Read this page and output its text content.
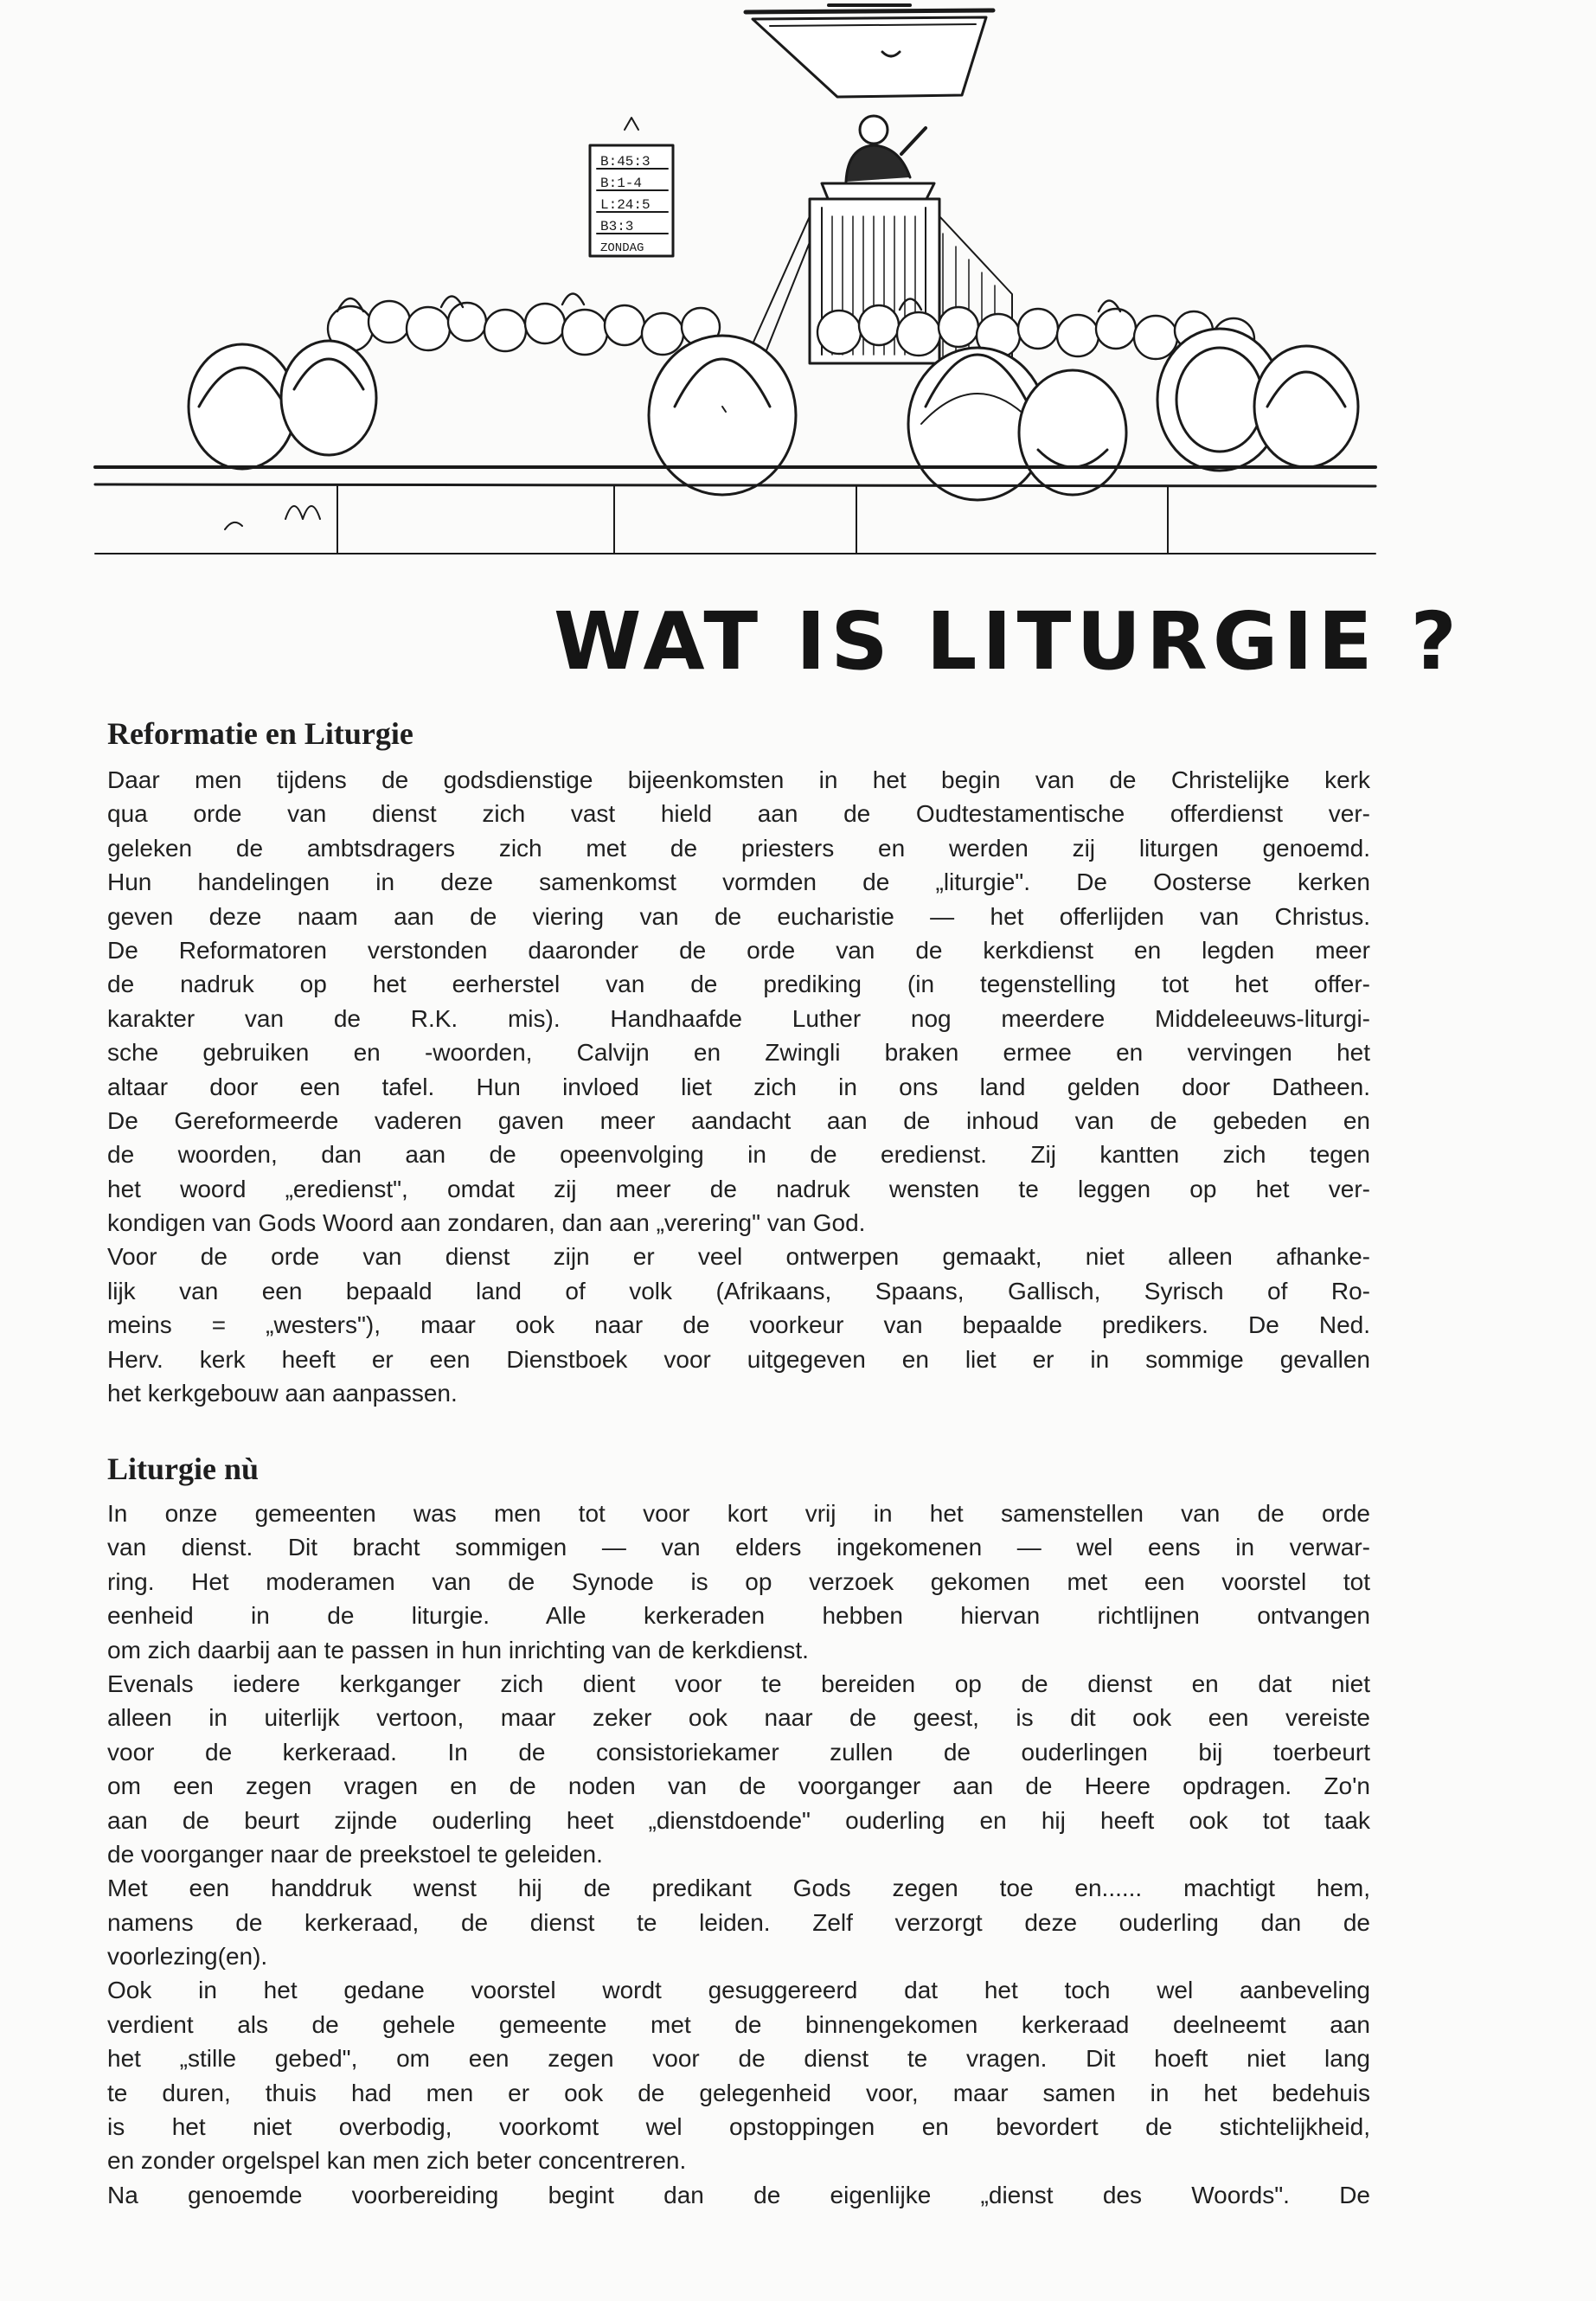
B:45:3
B:1-4
L:24:5
B3:3
ZONDAG
WAT IS LITURGIE ?
Reformatie en Liturgie
Daar men tijdens de godsdienstige bijeenkomsten in het begin van de Christelijke kerk
qua orde van dienst zich vast hield aan de Oudtestamentische offerdienst ver-
geleken de ambtsdragers zich met de priesters en werden zij liturgen genoemd.
Hun handelingen in deze samenkomst vormden de „liturgie". De Oosterse kerken
geven deze naam aan de viering van de eucharistie — het offerlijden van Christus.
De Reformatoren verstonden daaronder de orde van de kerkdienst en legden meer
de nadruk op het eerherstel van de prediking (in tegenstelling tot het offer-
karakter van de R.K. mis). Handhaafde Luther nog meerdere Middeleeuws-liturgi-
sche gebruiken en -woorden, Calvijn en Zwingli braken ermee en vervingen het
altaar door een tafel. Hun invloed liet zich in ons land gelden door Datheen.
De Gereformeerde vaderen gaven meer aandacht aan de inhoud van de gebeden en
de woorden, dan aan de opeenvolging in de eredienst. Zij kantten zich tegen
het woord „eredienst", omdat zij meer de nadruk wensten te leggen op het ver-
kondigen van Gods Woord aan zondaren, dan aan „verering" van God.
Voor de orde van dienst zijn er veel ontwerpen gemaakt, niet alleen afhanke-
lijk van een bepaald land of volk (Afrikaans, Spaans, Gallisch, Syrisch of Ro-
meins = „westers"), maar ook naar de voorkeur van bepaalde predikers. De Ned.
Herv. kerk heeft er een Dienstboek voor uitgegeven en liet er in sommige gevallen
het kerkgebouw aan aanpassen.
Liturgie nù
In onze gemeenten was men tot voor kort vrij in het samenstellen van de orde
van dienst. Dit bracht sommigen — van elders ingekomenen — wel eens in verwar-
ring. Het moderamen van de Synode is op verzoek gekomen met een voorstel tot
eenheid in de liturgie. Alle kerkeraden hebben hiervan richtlijnen ontvangen
om zich daarbij aan te passen in hun inrichting van de kerkdienst.
Evenals iedere kerkganger zich dient voor te bereiden op de dienst en dat niet
alleen in uiterlijk vertoon, maar zeker ook naar de geest, is dit ook een vereiste
voor de kerkeraad. In de consistoriekamer zullen de ouderlingen bij toerbeurt
om een zegen vragen en de noden van de voorganger aan de Heere opdragen. Zo'n
aan de beurt zijnde ouderling heet „dienstdoende" ouderling en hij heeft ook tot taak
de voorganger naar de preekstoel te geleiden.
Met een handdruk wenst hij de predikant Gods zegen toe en...... machtigt hem,
namens de kerkeraad, de dienst te leiden. Zelf verzorgt deze ouderling dan de
voorlezing(en).
Ook in het gedane voorstel wordt gesuggereerd dat het toch wel aanbeveling
verdient als de gehele gemeente met de binnengekomen kerkeraad deelneemt aan
het „stille gebed", om een zegen voor de dienst te vragen. Dit hoeft niet lang
te duren, thuis had men er ook de gelegenheid voor, maar samen in het bedehuis
is het niet overbodig, voorkomt wel opstoppingen en bevordert de stichtelijkheid,
en zonder orgelspel kan men zich beter concentreren.
Na genoemde voorbereiding begint dan de eigenlijke „dienst des Woords". De
